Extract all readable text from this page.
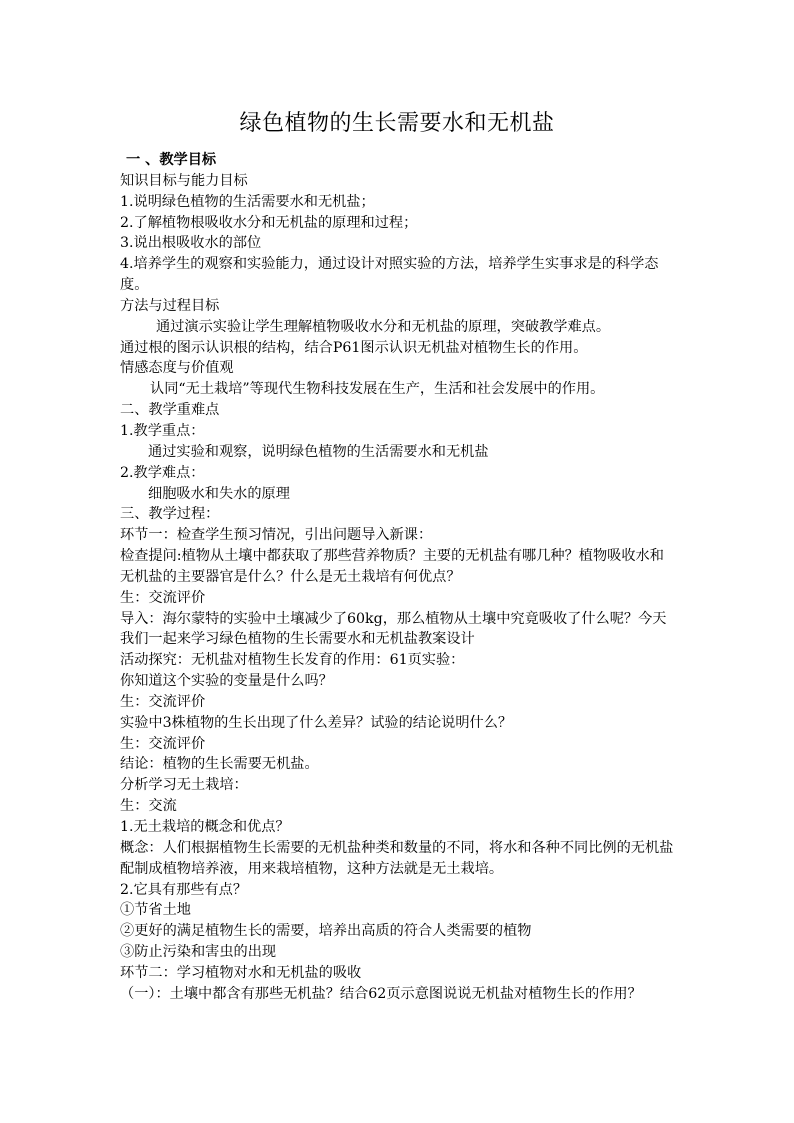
绿色植物的生长需要水和无机盐

一 、教学目标

知识目标与能力目标

1.说明绿色植物的生活需要水和无机盐；

2.了解植物根吸收水分和无机盐的原理和过程；

3.说出根吸收水的部位

4.培养学生的观察和实验能力，通过设计对照实验的方法，培养学生实事求是的科学态度。

方法与过程目标

通过演示实验让学生理解植物吸收水分和无机盐的原理，突破教学难点。

通过根的图示认识根的结构，结合P61图示认识无机盐对植物生长的作用。

情感态度与价值观

认同“无土栽培”等现代生物科技发展在生产，生活和社会发展中的作用。

二、教学重难点

1.教学重点：

通过实验和观察，说明绿色植物的生活需要水和无机盐

2.教学难点：

细胞吸水和失水的原理

三、教学过程：

环节一：检查学生预习情况，引出问题导入新课：

检查提问:植物从土壤中都获取了那些营养物质？主要的无机盐有哪几种？植物吸收水和无机盐的主要器官是什么？什么是无土栽培有何优点？

生：交流评价

导入：海尔蒙特的实验中土壤减少了60kg，那么植物从土壤中究竟吸收了什么呢？今天我们一起来学习绿色植物的生长需要水和无机盐教案设计

活动探究：无机盐对植物生长发育的作用：61页实验：

你知道这个实验的变量是什么吗？

生：交流评价

实验中3株植物的生长出现了什么差异？试验的结论说明什么？

生：交流评价

结论：植物的生长需要无机盐。

分析学习无土栽培：

生：交流

1.无土栽培的概念和优点？

概念：人们根据植物生长需要的无机盐种类和数量的不同，将水和各种不同比例的无机盐配制成植物培养液，用来栽培植物，这种方法就是无土栽培。

2.它具有那些有点？

①节省土地

②更好的满足植物生长的需要，培养出高质的符合人类需要的植物

③防止污染和害虫的出现

环节二：学习植物对水和无机盐的吸收

（一）：土壤中都含有那些无机盐？结合62页示意图说说无机盐对植物生长的作用？
